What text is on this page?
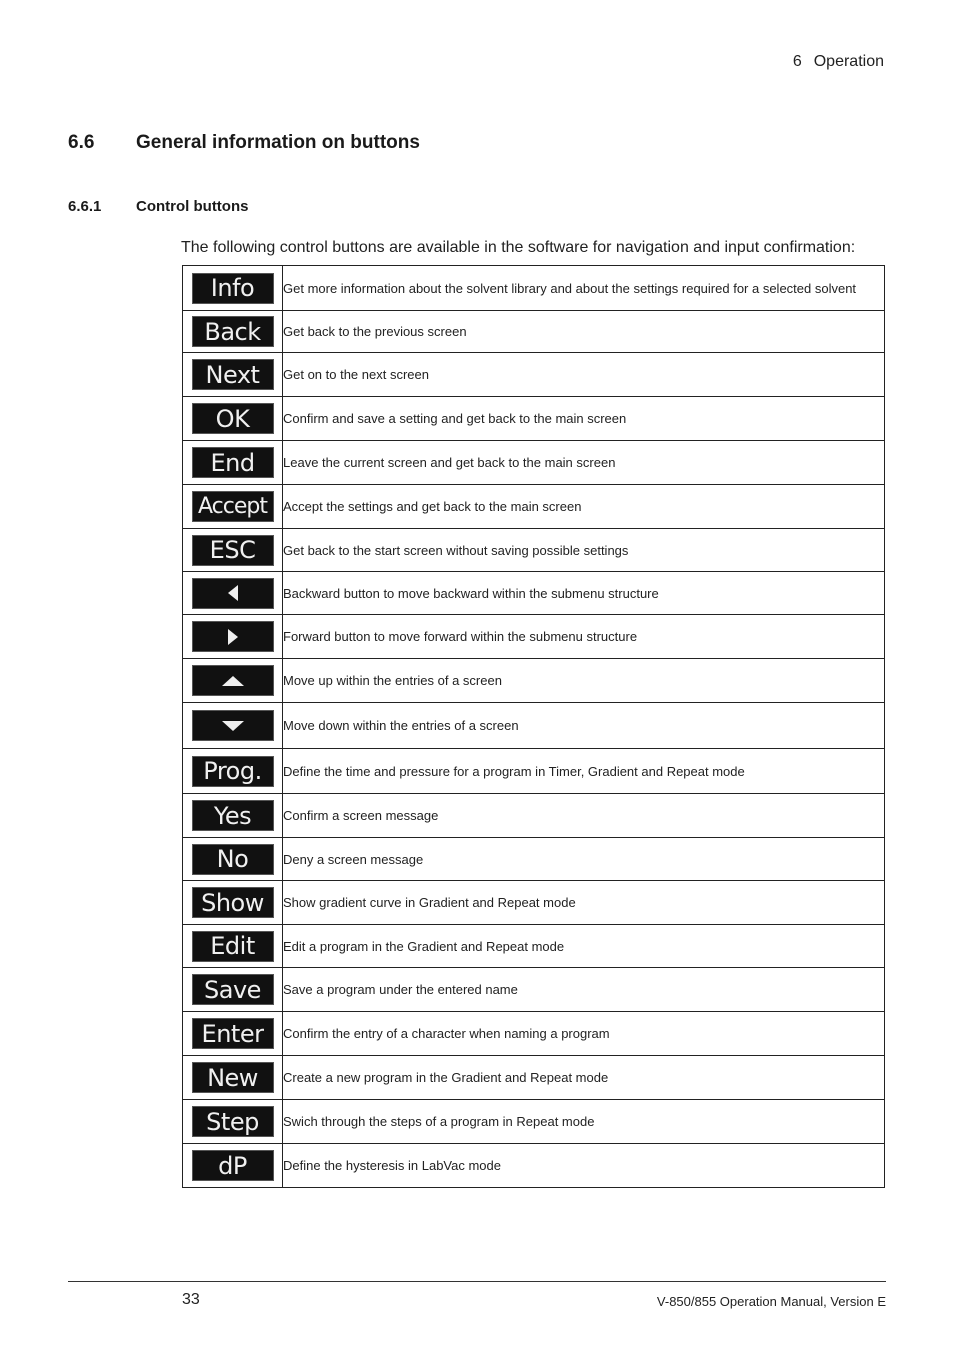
6 Operation
6.6 General information on buttons
6.6.1 Control buttons
The following control buttons are available in the software for navigation and input confirmation:
Info	Get more information about the solvent library and about the settings required for a selected solvent
Back	Get back to the previous screen
Next	Get on to the next screen
OK	Confirm and save a setting and get back to the main screen
End	Leave the current screen and get back to the main screen
Accept	Accept the settings and get back to the main screen
ESC	Get back to the start screen without saving possible settings

	Backward button to move backward within the submenu structure

	Forward button to move forward within the submenu structure

	Move up within the entries of a screen

	Move down within the entries of a screen
Prog.	Define the time and pressure for a program in Timer, Gradient and Repeat mode
Yes	Confirm a screen message
No	Deny a screen message
Show	Show gradient curve in Gradient and Repeat mode
Edit	Edit a program in the Gradient and Repeat mode
Save	Save a program under the entered name
Enter	Confirm the entry of a character when naming a program
New	Create a new program in the Gradient and Repeat mode
Step	Swich through the steps of a program in Repeat mode
dP	Define the hysteresis in LabVac mode
33	V-850/855 Operation Manual, Version E
